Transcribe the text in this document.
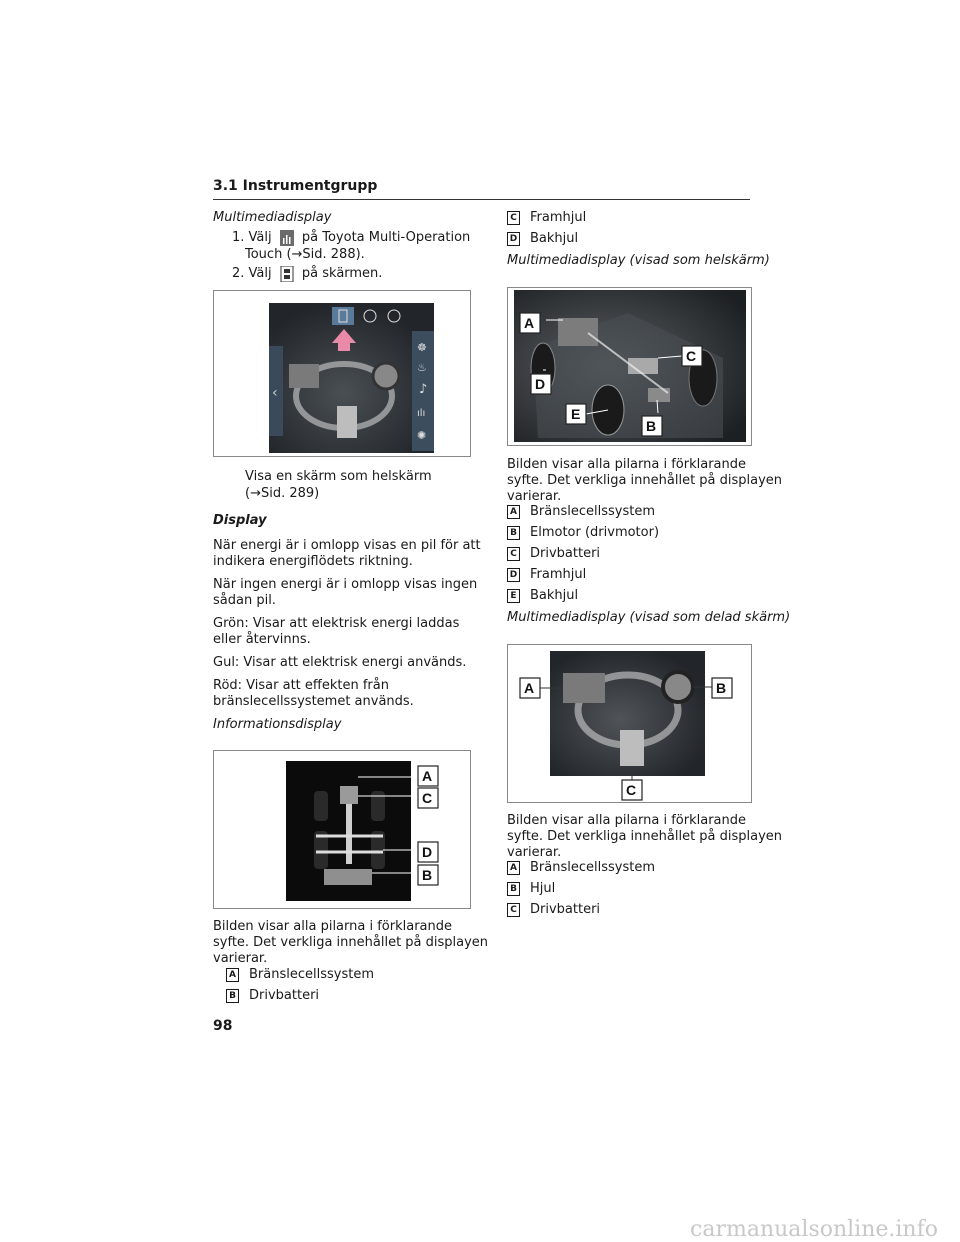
3.1 Instrumentgrupp
Multimediadisplay
1. Välj på Toyota Multi-Operation
Touch (→Sid. 288).
2. Välj på skärmen.
‹
☸
♨
♪
ılı
✺
Visa en skärm som helskärm
(→Sid. 289)
Display
När energi är i omlopp visas en pil för att
indikera energiflödets riktning.
När ingen energi är i omlopp visas ingen
sådan pil.
Grön: Visar att elektrisk energi laddas
eller återvinns.
Gul: Visar att elektrisk energi används.
Röd: Visar att effekten från
bränslecellssystemet används.
Informationsdisplay
A
C
D
B
Bilden visar alla pilarna i förklarande
syfte. Det verkliga innehållet på displayen
varierar.
A Bränslecellssystem
B Drivbatteri
C Framhjul
D Bakhjul
Multimediadisplay (visad som helskärm)
A
C
D
E
B
Bilden visar alla pilarna i förklarande
syfte. Det verkliga innehållet på displayen
varierar.
A Bränslecellssystem
B Elmotor (drivmotor)
C Drivbatteri
D Framhjul
E Bakhjul
Multimediadisplay (visad som delad skärm)
A	B
C
Bilden visar alla pilarna i förklarande
syfte. Det verkliga innehållet på displayen
varierar.
A Bränslecellssystem
B Hjul
C Drivbatteri
98
carmanualsonline.info
